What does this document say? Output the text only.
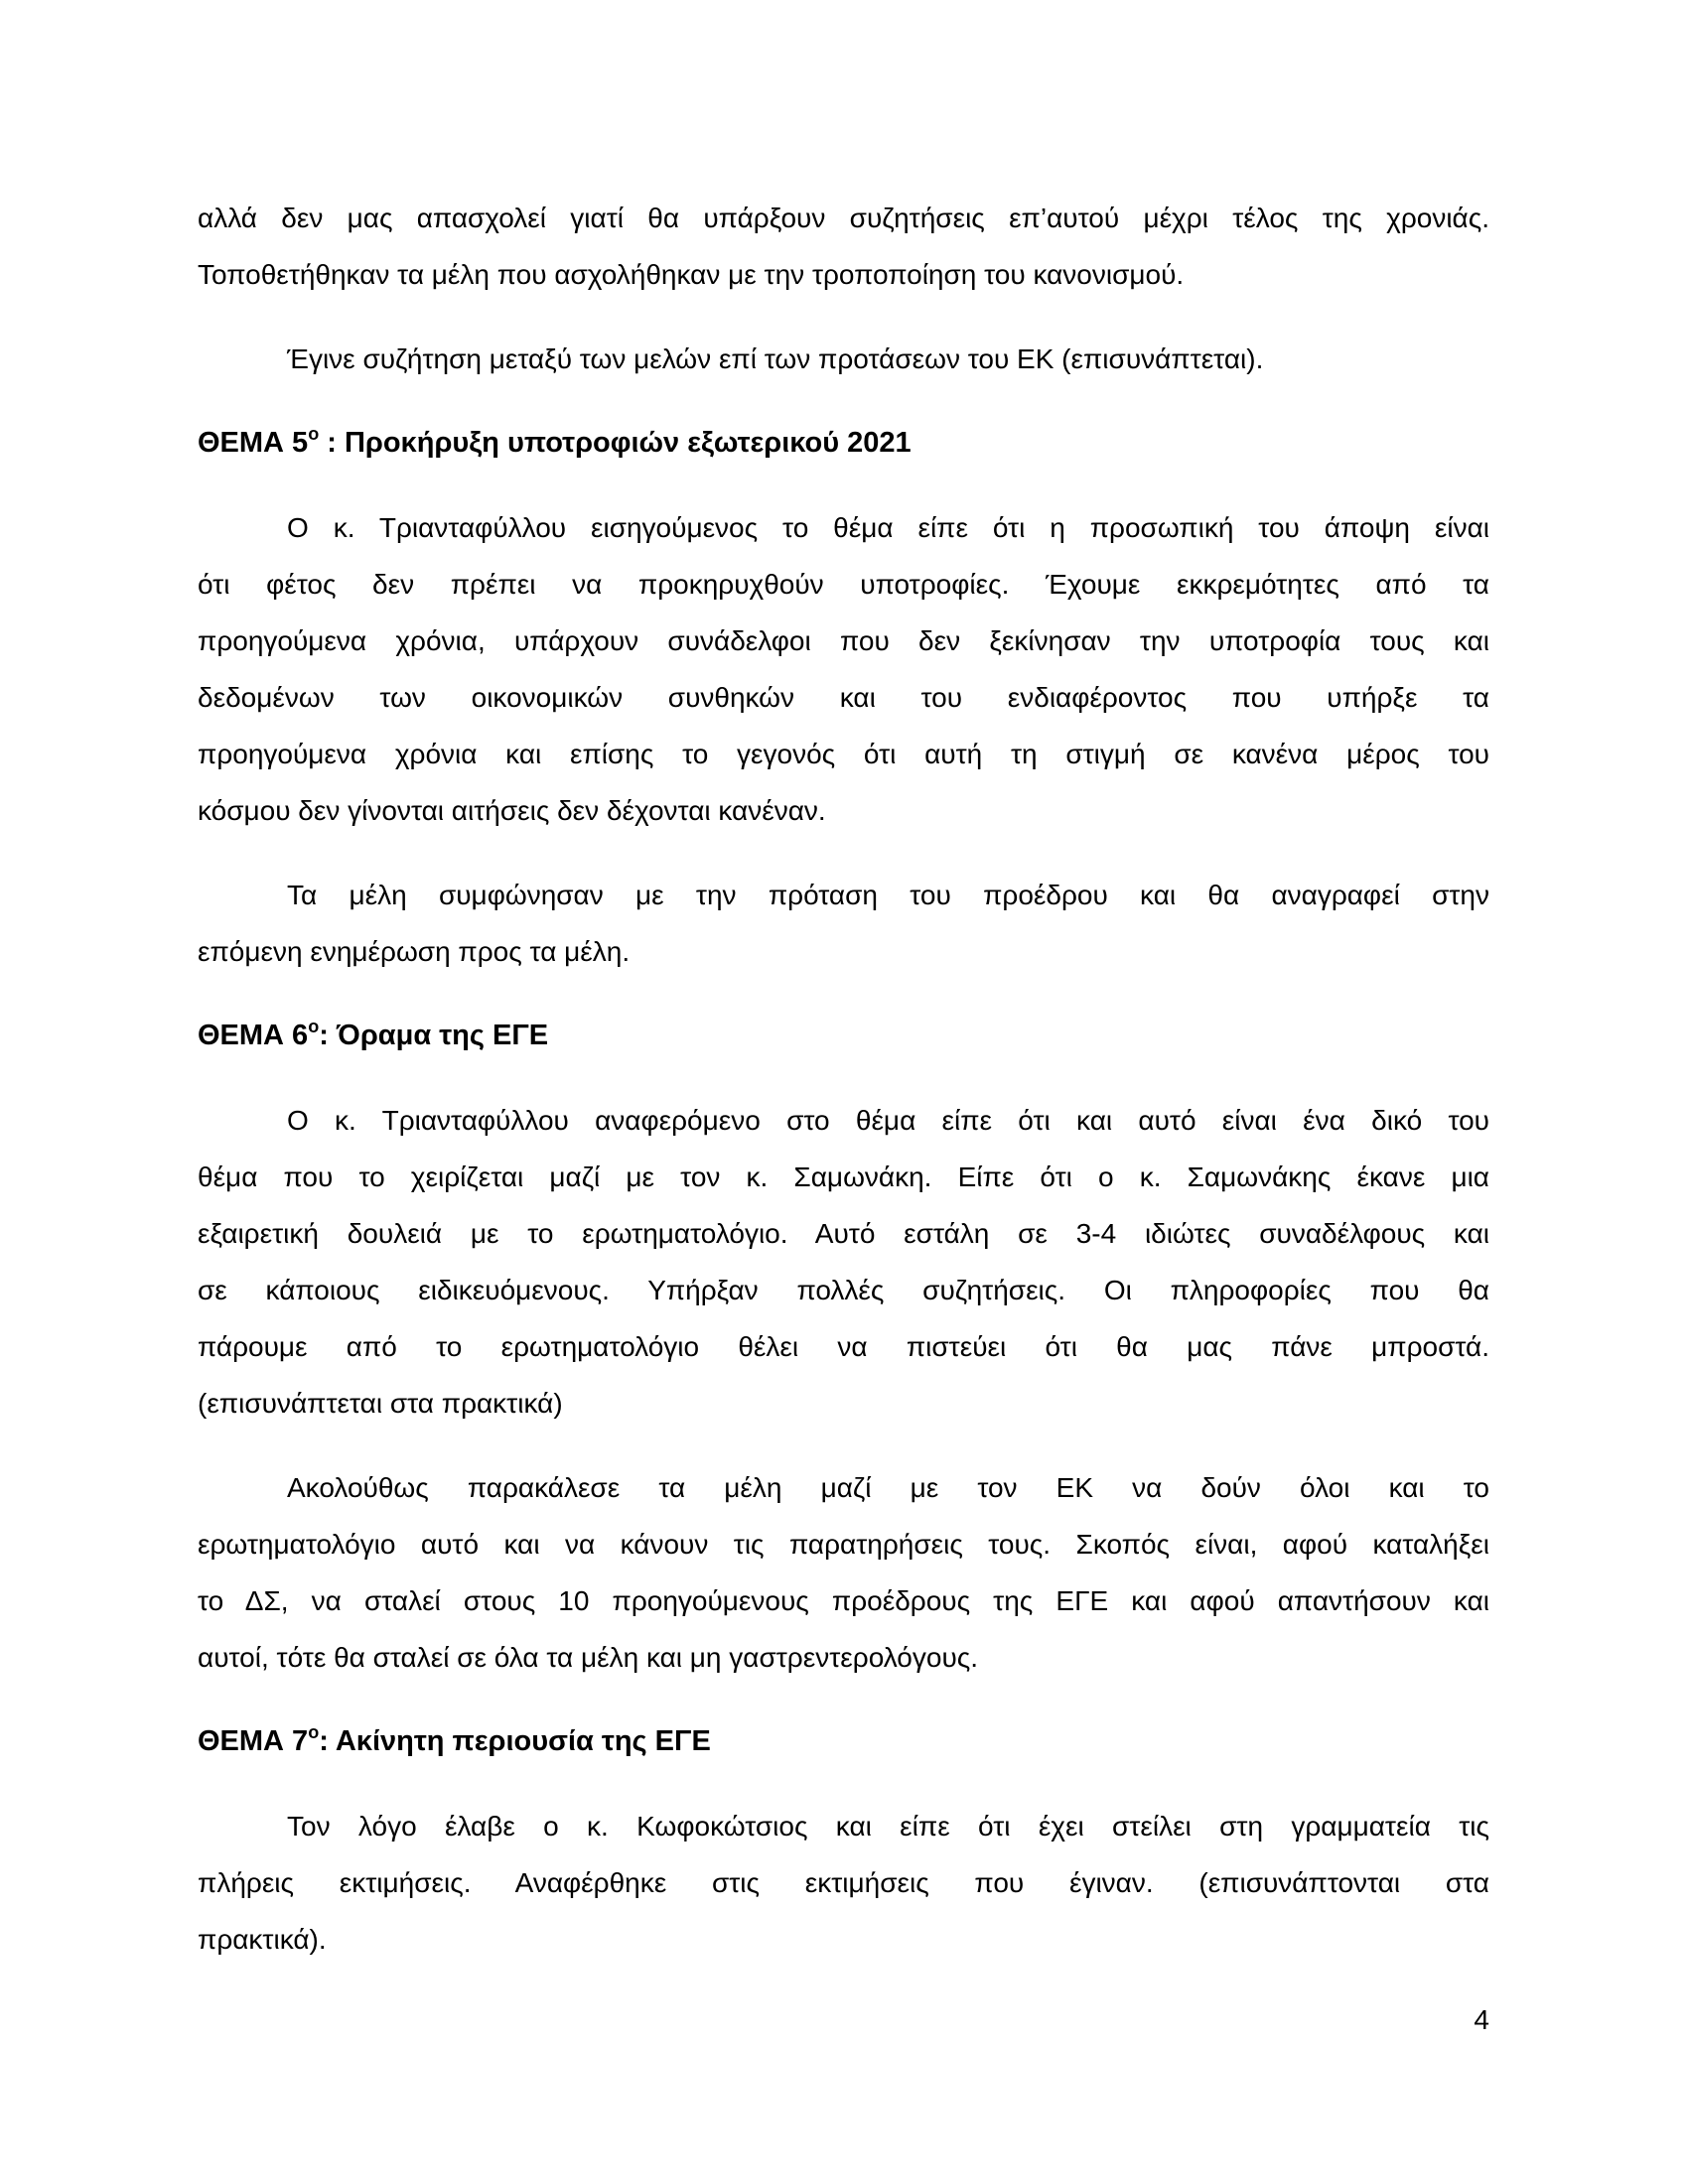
αλλά δεν μας απασχολεί γιατί θα υπάρξουν συζητήσεις επ’αυτού μέχρι τέλος της χρονιάς.
Τοποθετήθηκαν τα μέλη που ασχολήθηκαν με την τροποποίηση του κανονισμού.
Έγινε συζήτηση μεταξύ των μελών επί των προτάσεων του ΕΚ (επισυνάπτεται).
ΘΕΜΑ $5^o$ : Προκήρυξη υποτροφιών εξωτερικού 2021
Ο κ. Τριανταφύλλου εισηγούμενος το θέμα είπε ότι η προσωπική του άποψη είναι
ότι φέτος δεν πρέπει να προκηρυχθούν υποτροφίες. Έχουμε εκκρεμότητες από τα
προηγούμενα χρόνια, υπάρχουν συνάδελφοι που δεν ξεκίνησαν την υποτροφία τους και
δεδομένων των οικονομικών συνθηκών και του ενδιαφέροντος που υπήρξε τα
προηγούμενα χρόνια και επίσης το γεγονός ότι αυτή τη στιγμή σε κανένα μέρος του
κόσμου δεν γίνονται αιτήσεις δεν δέχονται κανέναν.
Τα μέλη συμφώνησαν με την πρόταση του προέδρου και θα αναγραφεί στην
επόμενη ενημέρωση προς τα μέλη.
ΘΕΜΑ $6^o$: Όραμα της ΕΓΕ
Ο κ. Τριανταφύλλου αναφερόμενο στο θέμα είπε ότι και αυτό είναι ένα δικό του
θέμα που το χειρίζεται μαζί με τον κ. Σαμωνάκη. Είπε ότι ο κ. Σαμωνάκης έκανε μια
εξαιρετική δουλειά με το ερωτηματολόγιο. Αυτό εστάλη σε 3-4 ιδιώτες συναδέλφους και
σε κάποιους ειδικευόμενους. Υπήρξαν πολλές συζητήσεις. Οι πληροφορίες που θα
πάρουμε από το ερωτηματολόγιο θέλει να πιστεύει ότι θα μας πάνε μπροστά.
(επισυνάπτεται στα πρακτικά)
Ακολούθως παρακάλεσε τα μέλη μαζί με τον ΕΚ να δούν όλοι και το
ερωτηματολόγιο αυτό και να κάνουν τις παρατηρήσεις τους. Σκοπός είναι, αφού καταλήξει
το ΔΣ, να σταλεί στους 10 προηγούμενους προέδρους της ΕΓΕ και αφού απαντήσουν και
αυτοί, τότε θα σταλεί σε όλα τα μέλη και μη γαστρεντερολόγους.
ΘΕΜΑ $7^o$: Ακίνητη περιουσία της ΕΓΕ
Τον λόγο έλαβε ο κ. Κωφοκώτσιος και είπε ότι έχει στείλει στη γραμματεία τις
πλήρεις εκτιμήσεις. Αναφέρθηκε στις εκτιμήσεις που έγιναν. (επισυνάπτονται στα
πρακτικά).
4
